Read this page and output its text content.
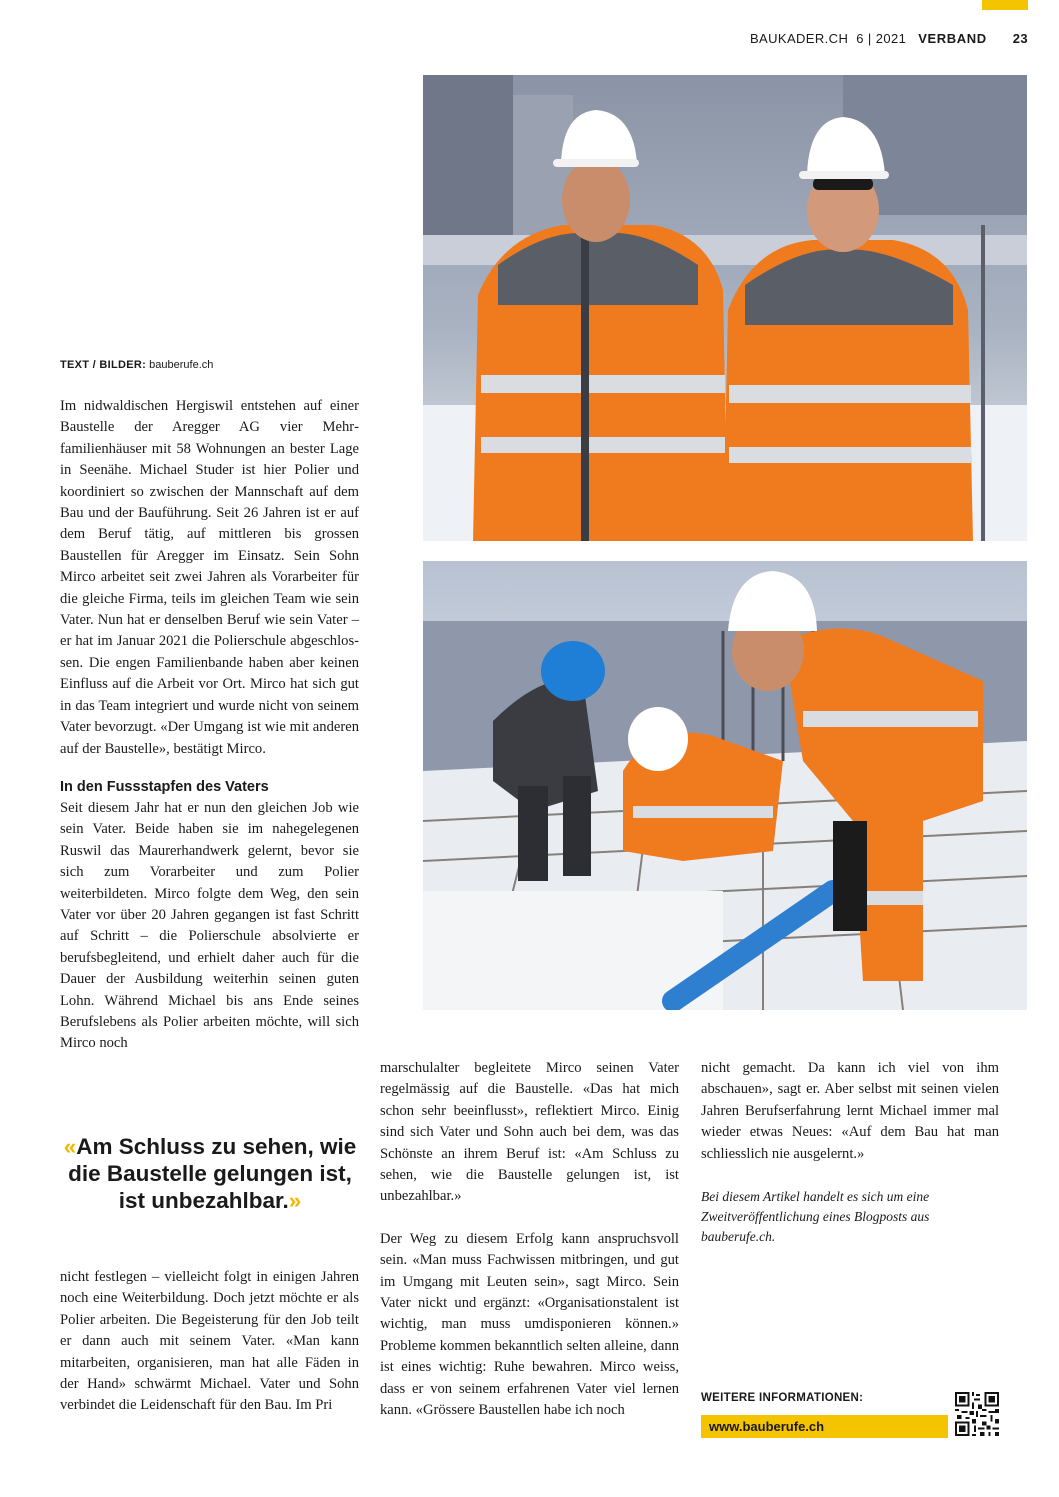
BAUKADER.CH 6 | 2021 VERBAND 23
TEXT / BILDER: bauberufe.ch

Im nidwaldischen Hergiswil entstehen auf einer Baustelle der Aregger AG vier Mehrfamilienhäuser mit 58 Wohnungen an bester Lage in Seenähe. Michael Studer ist hier Polier und koordiniert so zwischen der Mannschaft auf dem Bau und der Bauführung. Seit 26 Jahren ist er auf dem Beruf tätig, auf mittleren bis grossen Baustellen für Aregger im Einsatz. Sein Sohn Mirco arbeitet seit zwei Jahren als Vorarbeiter für die gleiche Firma, teils im gleichen Team wie sein Vater. Nun hat er denselben Beruf wie sein Vater – er hat im Januar 2021 die Polierschule abgeschlossen. Die engen Familienbande haben aber keinen Einfluss auf die Arbeit vor Ort. Mirco hat sich gut in das Team integriert und wurde nicht von seinem Vater bevorzugt. «Der Umgang ist wie mit anderen auf der Baustelle», bestätigt Mirco.

In den Fussstapfen des Vaters

Seit diesem Jahr hat er nun den gleichen Job wie sein Vater. Beide haben sie im nahegelegenen Ruswil das Maurerhandwerk gelernt, bevor sie sich zum Vorarbeiter und zum Polier weiterbildeten. Mirco folgte dem Weg, den sein Vater vor über 20 Jahren gegangen ist fast Schritt auf Schritt – die Polierschule absolvierte er berufsbegleitend, und erhielt daher auch für die Dauer der Ausbildung weiterhin seinen guten Lohn. Während Michael bis ans Ende seines Berufslebens als Polier arbeiten möchte, will sich Mirco noch

«Am Schluss zu sehen, wie die Baustelle gelungen ist, ist unbezahlbar.»

nicht festlegen – vielleicht folgt in einigen Jahren noch eine Weiterbildung. Doch jetzt möchte er als Polier arbeiten. Die Begeisterung für den Job teilt er dann auch mit seinem Vater. «Man kann mitarbeiten, organisieren, man hat alle Fäden in der Hand» schwärmt Michael. Vater und Sohn verbindet die Leidenschaft für den Bau. Im Pri

marschulalter begleitete Mirco seinen Vater regelmässig auf die Baustelle. «Das hat mich schon sehr beeinflusst», reflektiert Mirco. Einig sind sich Vater und Sohn auch bei dem, was das Schönste an ihrem Beruf ist: «Am Schluss zu sehen, wie die Baustelle gelungen ist, ist unbezahlbar.»

Der Weg zu diesem Erfolg kann anspruchsvoll sein. «Man muss Fachwissen mitbringen, und gut im Umgang mit Leuten sein», sagt Mirco. Sein Vater nickt und ergänzt: «Organisationstalent ist wichtig, man muss umdisponieren können.» Probleme kommen bekanntlich selten alleine, dann ist eines wichtig: Ruhe bewahren. Mirco weiss, dass er von seinem erfahrenen Vater viel lernen kann. «Grössere Baustellen habe ich noch

nicht gemacht. Da kann ich viel von ihm abschauen», sagt er. Aber selbst mit seinen vielen Jahren Berufserfahrung lernt Michael immer mal wieder etwas Neues: «Auf dem Bau hat man schliesslich nie ausgelernt.»

Bei diesem Artikel handelt es sich um eine Zweitveröffentlichung eines Blogposts aus bauberufe.ch.
WEITERE INFORMATIONEN:
www.bauberufe.ch
